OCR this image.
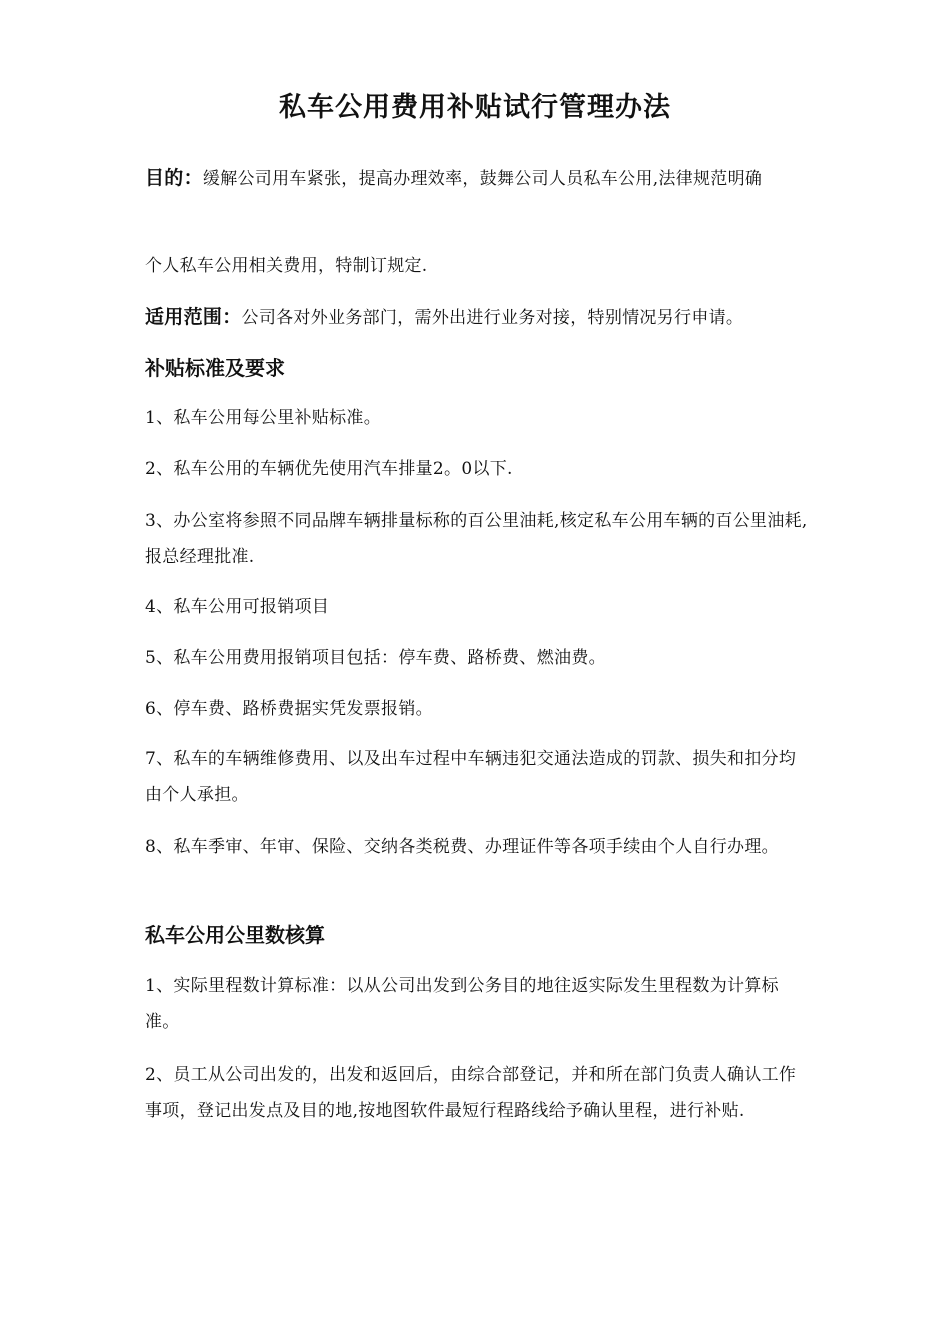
私车公用费用补贴试行管理办法
目的：缓解公司用车紧张，提高办理效率，鼓舞公司人员私车公用,法律规范明确
个人私车公用相关费用，特制订规定.
适用范围：公司各对外业务部门，需外出进行业务对接，特别情况另行申请。
补贴标准及要求
1、私车公用每公里补贴标准。
2、私车公用的车辆优先使用汽车排量2。0以下.
3、办公室将参照不同品牌车辆排量标称的百公里油耗,核定私车公用车辆的百公里油耗,报总经理批准.
4、私车公用可报销项目
5、私车公用费用报销项目包括：停车费、路桥费、燃油费。
6、停车费、路桥费据实凭发票报销。
7、私车的车辆维修费用、以及出车过程中车辆违犯交通法造成的罚款、损失和扣分均由个人承担。
8、私车季审、年审、保险、交纳各类税费、办理证件等各项手续由个人自行办理。
私车公用公里数核算
1、实际里程数计算标准：以从公司出发到公务目的地往返实际发生里程数为计算标准。
2、员工从公司出发的，出发和返回后，由综合部登记，并和所在部门负责人确认工作事项，登记出发点及目的地,按地图软件最短行程路线给予确认里程，进行补贴.
